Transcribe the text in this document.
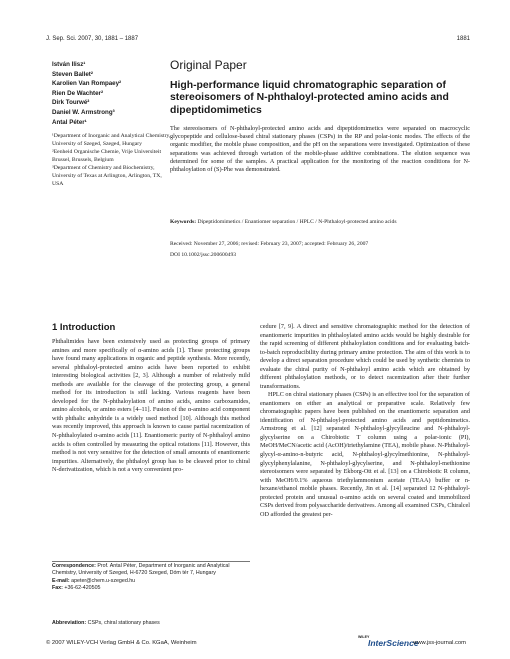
J. Sep. Sci. 2007, 30, 1881 – 1887	1881
István Ilisz¹
Steven Ballet²
Karolien Van Rompaey²
Rien De Wachter²
Dirk Tourwé²
Daniel W. Armstrong³
Antal Péter¹
¹Department of Inorganic and Analytical Chemistry, University of Szeged, Szeged, Hungary
²Eenheid Organische Chemie, Vrije Universiteit Brussel, Brussels, Belgium
³Department of Chemistry and Biochemistry, University of Texas at Arlington, Arlington, TX, USA
Original Paper
High-performance liquid chromatographic separation of stereoisomers of N-phthaloyl-protected amino acids and dipeptidomimetics
The stereoisomers of N-phthaloyl-protected amino acids and dipeptidomimetics were separated on macrocyclic glycopeptide and cellulose-based chiral stationary phases (CSPs) in the RP and polar-ionic modes. The effects of the organic modifier, the mobile phase composition, and the pH on the separations were investigated. Optimization of these separations was achieved through variation of the mobile-phase additive combinations. The elution sequence was determined for some of the samples. A practical application for the monitoring of the reaction conditions for N-phthaloylation of (S)-Phe was demonstrated.
Keywords: Dipeptidomimetics / Enantiomer separation / HPLC / N-Phthaloyl-protected amino acids
Received: November 27, 2006; revised: February 23, 2007; accepted: February 26, 2007
DOI 10.1002/jssc.200600493
1 Introduction

Phthalimides have been extensively used as protecting groups of primary amines and more specifically of α-amino acids [1]. These protecting groups have found many applications in organic and peptide synthesis. More recently, several phthaloyl-protected amino acids have been reported to exhibit interesting biological activities [2, 3]. Although a number of relatively mild methods are available for the cleavage of the protecting group, a general method for its introduction is still lacking. Various reagents have been developed for the N-phthaloylation of amino acids, amino carboxamides, amino alcohols, or amino esters [4–11]. Fusion of the α-amino acid component with phthalic anhydride is a widely used method [10]. Although this method was recently improved, this approach is known to cause partial racemization of N-phthaloylated α-amino acids [11]. Enantiomeric purity of N-phthaloyl amino acids is often controlled by measuring the optical rotations [11]. However, this method is not very sensitive for the detection of small amounts of enantiomeric impurities. Alternatively, the phthaloyl group has to be cleaved prior to chiral N-derivatization, which is not a very convenient pro-

cedure [7, 9]. A direct and sensitive chromatographic method for the detection of enantiomeric impurities in phthaloylated amino acids would be highly desirable for the rapid screening of different phthaloylation conditions and for evaluating batch-to-batch reproducibility during primary amine protection. The aim of this work is to develop a direct separation procedure which could be used by synthetic chemists to evaluate the chiral purity of N-phthaloyl amino acids which are obtained by different phthaloylation methods, or to detect racemization after their further transformations.

HPLC on chiral stationary phases (CSPs) is an effective tool for the separation of enantiomers on either an analytical or preparative scale. Relatively few chromatographic papers have been published on the enantiomeric separation and identification of N-phthaloyl-protected amino acids and peptidomimetics. Armstrong et al. [12] separated N-phthaloyl-glycylleucine and N-phthaloyl-glycylserine on a Chirobiotic T column using a polar-ionic (PI), MeOH/MeCN/acetic acid (AcOH)/triethylamine (TEA), mobile phase. N-Phthaloyl-glycyl-α-amino-n-butyric acid, N-phthaloyl-glycylmethionine, N-phthaloyl-glycylphenylalanine, N-phthaloyl-glycylserine, and N-phthaloyl-methionine stereoisomers were separated by Ekborg-Ott et al. [13] on a Chirobiotic R column, with MeOH/0.1% aqueous triethylammonium acetate (TEAA) buffer or n-hexane/ethanol mobile phases. Recently, Jin et al. [14] separated 12 N-phthaloyl-protected protein and unusual α-amino acids on several coated and immobilized CSPs derived from polysaccharide derivatives. Among all examined CSPs, Chiralcel OD afforded the greatest per-

Correspondence: Prof. Antal Péter, Department of Inorganic and Analytical Chemistry, University of Szeged, H-6720 Szeged, Dóm tér 7, Hungary
E-mail: apeter@chem.u-szeged.hu
Fax: +36-62-420505
Abbreviation: CSPs, chiral stationary phases
© 2007 WILEY-VCH Verlag GmbH & Co. KGaA, Weinheim
WILEY
InterScience
www.jss-journal.com
